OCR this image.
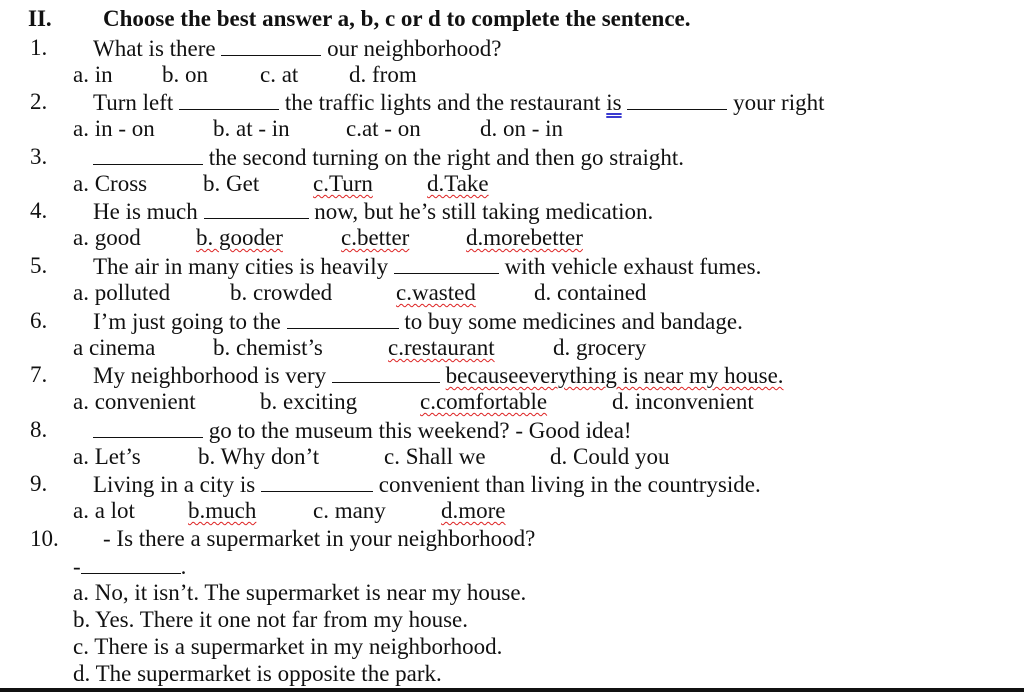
II. Choose the best answer a, b, c or d to complete the sentence.
1. What is there	our neighborhood?
a. in b. on c. at d. from
2. Turn left	the traffic lights and the restaurant is	your right
a. in - on	b. at - in c.at - on	d. on - in
3.	the second turning on the right and then go straight.
a. Cross b. Get c.Turn d.Take
4. He is much	now, but he’s still taking medication.
a. good b. gooder	c.better d.morebetter
5. The air in many cities is heavily	with vehicle exhaust fumes.
a. polluted	b. crowded	c.wasted	d. contained
6. I’m just going to the	to buy some medicines and bandage.
a cinema	b. chemist’s	c.restaurant	d. grocery
7. My neighborhood is very	becauseeverything is near my house.
a. convenient	b. exciting	c.comfortable	d. inconvenient
8.	go to the museum this weekend? - Good idea!
a. Let’s b. Why don’t	c. Shall we	d. Could you
9. Living in a city is	convenient than living in the countryside.
a. a lot b.much c. many d.more
10. - Is there a supermarket in your neighborhood?
-	.
a. No, it isn’t. The supermarket is near my house.
b. Yes. There it one not far from my house.
c. There is a supermarket in my neighborhood.
d. The supermarket is opposite the park.
